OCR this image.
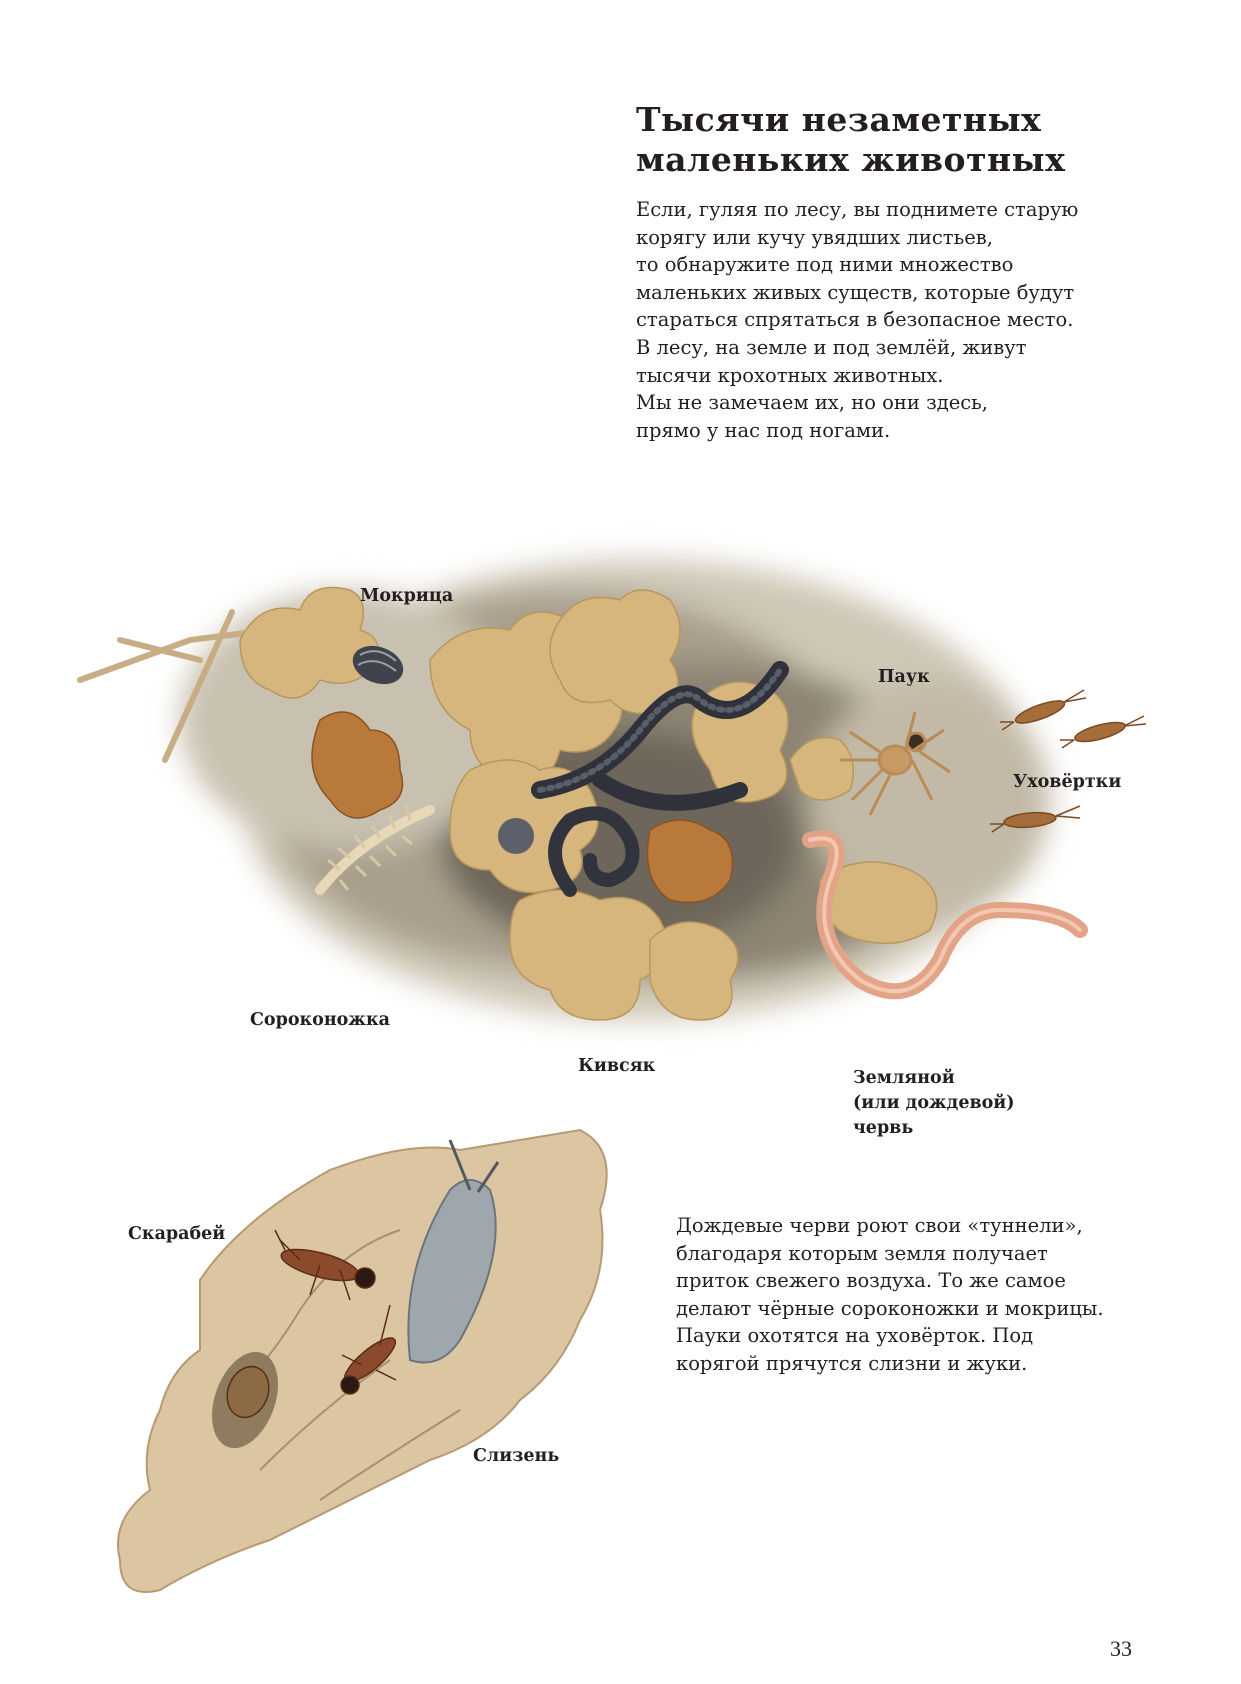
Тысячи незаметных
маленьких животных
Если, гуляя по лесу, вы поднимете старую
корягу или кучу увядших листьев,
то обнаружите под ними множество
маленьких живых существ, которые будут
стараться спрятаться в безопасное место.
В лесу, на земле и под землёй, живут
тысячи крохотных животных.
Мы не замечаем их, но они здесь,
прямо у нас под ногами.
Мокрица
Паук
Уховёртки
Сороконожка
Кивсяк
Земляной
(или дождевой)
червь
Скарабей
Слизень
Дождевые черви роют свои «туннели»,
благодаря которым земля получает
приток свежего воздуха. То же самое
делают чёрные сороконожки и мокрицы.
Пауки охотятся на уховёрток. Под
корягой прячутся слизни и жуки.
33
